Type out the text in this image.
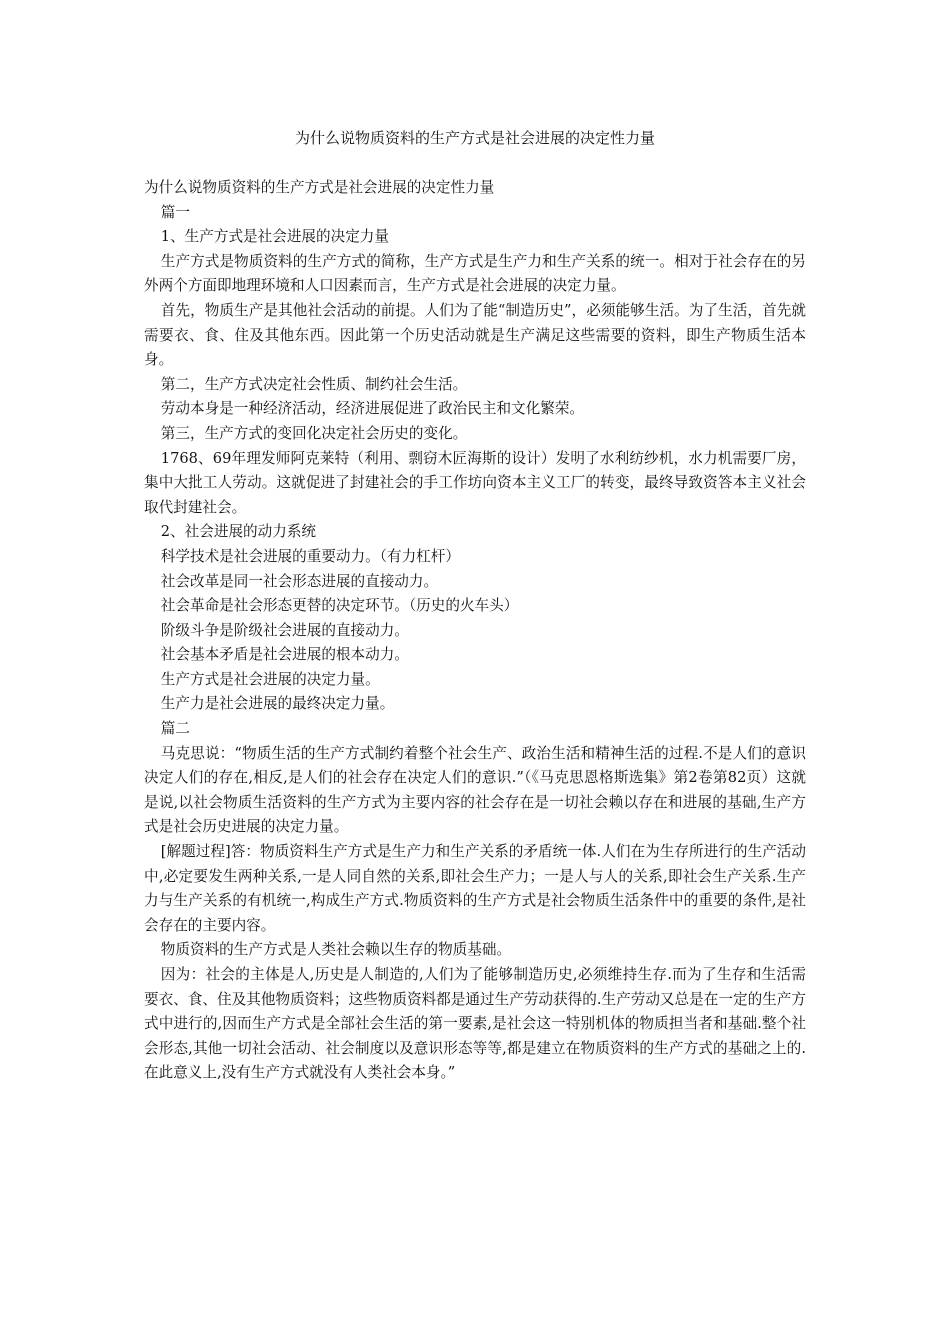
为什么说物质资料的生产方式是社会进展的决定性力量

为什么说物质资料的生产方式是社会进展的决定性力量

篇一

1、生产方式是社会进展的决定力量

生产方式是物质资料的生产方式的简称，生产方式是生产力和生产关系的统一。相对于社会存在的另外两个方面即地理环境和人口因素而言，生产方式是社会进展的决定力量。

首先，物质生产是其他社会活动的前提。人们为了能“制造历史”，必须能够生活。为了生活，首先就需要衣、食、住及其他东西。因此第一个历史活动就是生产满足这些需要的资料，即生产物质生活本身。

第二，生产方式决定社会性质、制约社会生活。

劳动本身是一种经济活动，经济进展促进了政治民主和文化繁荣。

第三，生产方式的变回化决定社会历史的变化。

1768、69年理发师阿克莱特（利用、剽窃木匠海斯的设计）发明了水利纺纱机，水力机需要厂房，集中大批工人劳动。这就促进了封建社会的手工作坊向资本主义工厂的转变，最终导致资答本主义社会取代封建社会。

2、社会进展的动力系统

科学技术是社会进展的重要动力。（有力杠杆）

社会改革是同一社会形态进展的直接动力。

社会革命是社会形态更替的决定环节。（历史的火车头）

阶级斗争是阶级社会进展的直接动力。

社会基本矛盾是社会进展的根本动力。

生产方式是社会进展的决定力量。

生产力是社会进展的最终决定力量。

篇二

马克思说：“物质生活的生产方式制约着整个社会生产、政治生活和精神生活的过程.不是人们的意识决定人们的存在,相反,是人们的社会存在决定人们的意识.”（《马克思恩格斯选集》第2卷第82页）这就是说,以社会物质生活资料的生产方式为主要内容的社会存在是一切社会赖以存在和进展的基础,生产方式是社会历史进展的决定力量。

[解题过程]答：物质资料生产方式是生产力和生产关系的矛盾统一体.人们在为生存所进行的生产活动中,必定要发生两种关系,一是人同自然的关系,即社会生产力；一是人与人的关系,即社会生产关系.生产力与生产关系的有机统一,构成生产方式.物质资料的生产方式是社会物质生活条件中的重要的条件,是社会存在的主要内容。

物质资料的生产方式是人类社会赖以生存的物质基础。

因为：社会的主体是人,历史是人制造的,人们为了能够制造历史,必须维持生存.而为了生存和生活需要衣、食、住及其他物质资料；这些物质资料都是通过生产劳动获得的.生产劳动又总是在一定的生产方式中进行的,因而生产方式是全部社会生活的第一要素,是社会这一特别机体的物质担当者和基础.整个社会形态,其他一切社会活动、社会制度以及意识形态等等,都是建立在物质资料的生产方式的基础之上的.在此意义上,没有生产方式就没有人类社会本身。”
